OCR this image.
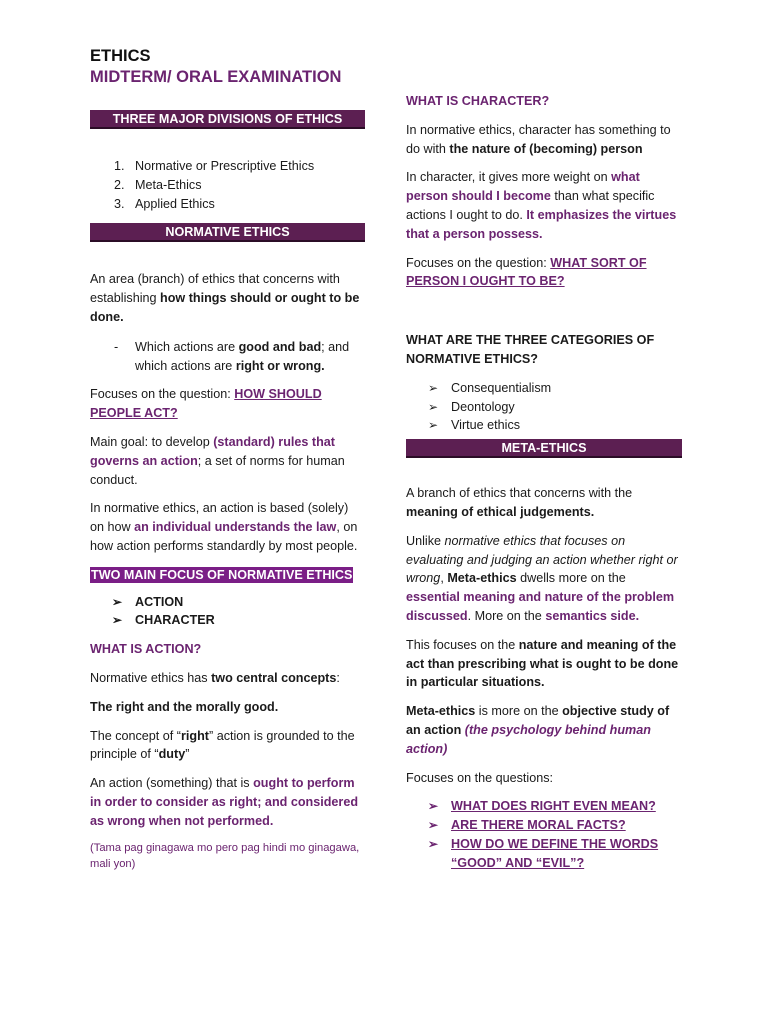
ETHICS
MIDTERM/ ORAL EXAMINATION
THREE MAJOR DIVISIONS OF ETHICS
1. Normative or Prescriptive Ethics
2. Meta-Ethics
3. Applied Ethics
NORMATIVE ETHICS

An area (branch) of ethics that concerns with establishing how things should or ought to be done.

- Which actions are good and bad; and which actions are right or wrong.

Focuses on the question: HOW SHOULD PEOPLE ACT?

Main goal: to develop (standard) rules that governs an action; a set of norms for human conduct.

In normative ethics, an action is based (solely) on how an individual understands the law, on how action performs standardly by most people.

TWO MAIN FOCUS OF NORMATIVE ETHICS
➢ ACTION
➢ CHARACTER

WHAT IS ACTION?

Normative ethics has two central concepts:

The right and the morally good.

The concept of “right” action is grounded to the principle of “duty”

An action (something) that is ought to perform in order to consider as right; and considered as wrong when not performed.

(Tama pag ginagawa mo pero pag hindi mo ginagawa, mali yon)

WHAT IS CHARACTER?

In normative ethics, character has something to do with the nature of (becoming) person

In character, it gives more weight on what person should I become than what specific actions I ought to do. It emphasizes the virtues that a person possess.

Focuses on the question: WHAT SORT OF PERSON I OUGHT TO BE?

WHAT ARE THE THREE CATEGORIES OF NORMATIVE ETHICS?

➢ Consequentialism
➢ Deontology
➢ Virtue ethics
META-ETHICS

A branch of ethics that concerns with the meaning of ethical judgements.

Unlike normative ethics that focuses on evaluating and judging an action whether right or wrong, Meta-ethics dwells more on the essential meaning and nature of the problem discussed. More on the semantics side.

This focuses on the nature and meaning of the act than prescribing what is ought to be done in particular situations.

Meta-ethics is more on the objective study of an action (the psychology behind human action)

Focuses on the questions:

➢ WHAT DOES RIGHT EVEN MEAN?
➢ ARE THERE MORAL FACTS?
➢ HOW DO WE DEFINE THE WORDS “GOOD” AND “EVIL”?
